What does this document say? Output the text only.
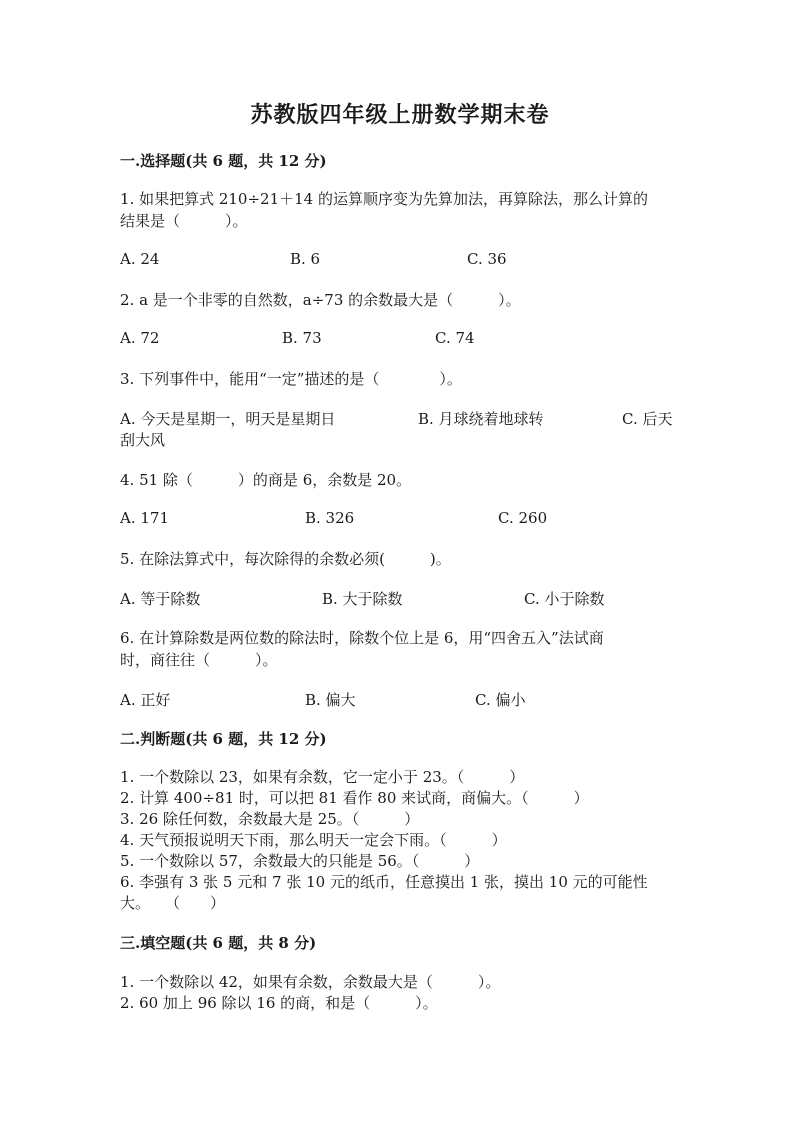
苏教版四年级上册数学期末卷
一.选择题(共 6 题，共 12 分)
1. 如果把算式 210÷21＋14 的运算顺序变为先算加法，再算除法，那么计算的
结果是（　　　）。
A. 24	B. 6	C. 36
2. a 是一个非零的自然数，a÷73 的余数最大是（　　　）。
A. 72	B. 73	C. 74
3. 下列事件中，能用“一定”描述的是（　　　　）。
A. 今天是星期一，明天是星期日	B. 月球绕着地球转	C. 后天
刮大风
4. 51 除（　　　）的商是 6，余数是 20。
A. 171	B. 326	C. 260
5. 在除法算式中，每次除得的余数必须(　　　)。
A. 等于除数	B. 大于除数	C. 小于除数
6. 在计算除数是两位数的除法时，除数个位上是 6，用“四舍五入”法试商
时，商往往（　　　）。
A. 正好	B. 偏大	C. 偏小
二.判断题(共 6 题，共 12 分)
1. 一个数除以 23，如果有余数，它一定小于 23。（　　　）
2. 计算 400÷81 时，可以把 81 看作 80 来试商，商偏大。（　　　）
3. 26 除任何数，余数最大是 25。（　　　）
4. 天气预报说明天下雨，那么明天一定会下雨。（　　　）
5. 一个数除以 57，余数最大的只能是 56。（　　　）
6. 李强有 3 张 5 元和 7 张 10 元的纸币，任意摸出 1 张，摸出 10 元的可能性
大。　　（　　）
三.填空题(共 6 题，共 8 分)
1. 一个数除以 42，如果有余数，余数最大是（　　　）。
2. 60 加上 96 除以 16 的商，和是（　　　）。
